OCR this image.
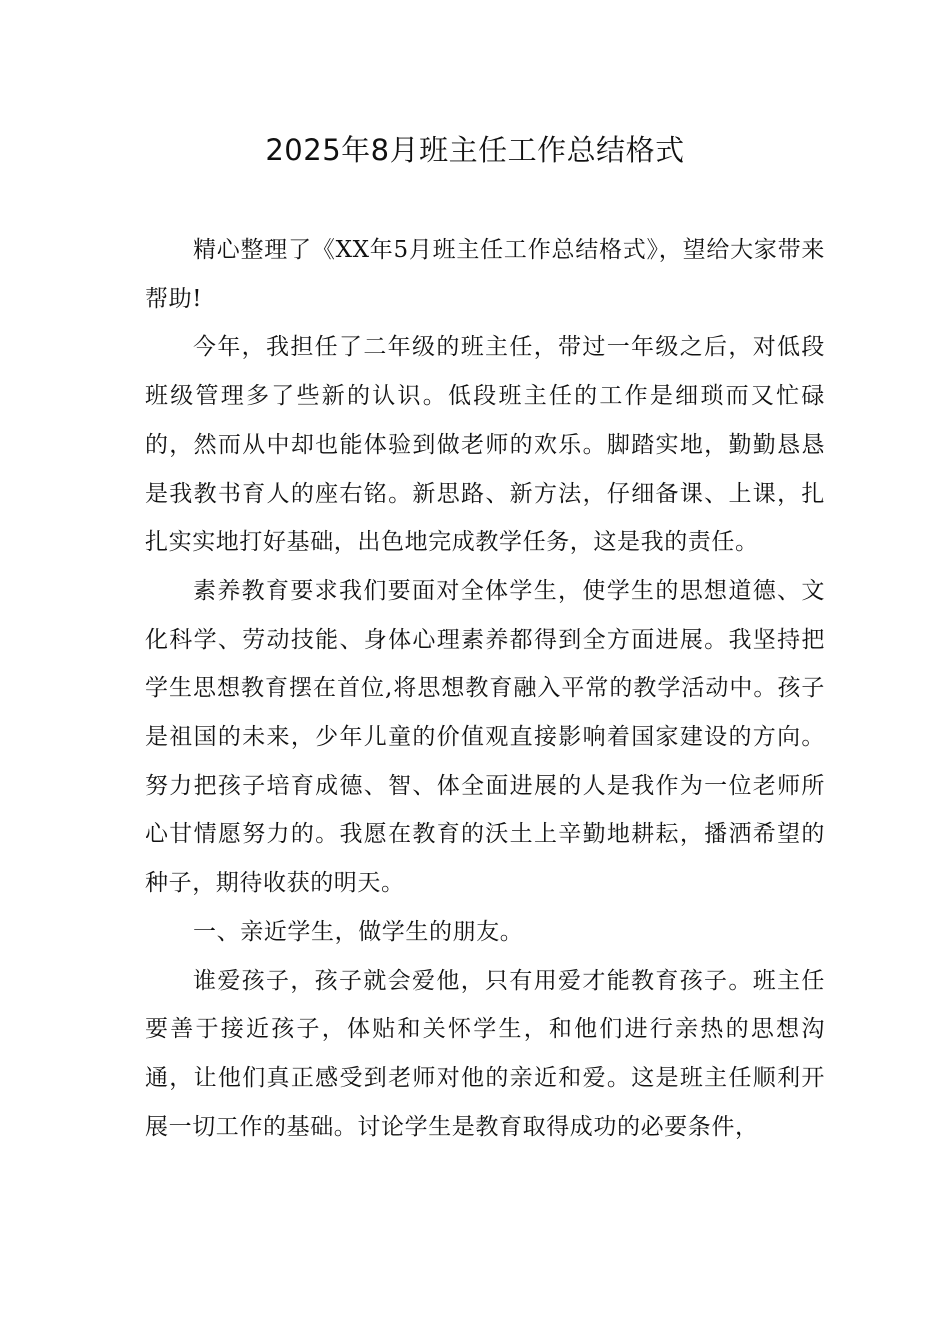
2025年8月班主任工作总结格式

精心整理了《XX年5月班主任工作总结格式》，望给大家带来帮助!

今年，我担任了二年级的班主任，带过一年级之后，对低段班级管理多了些新的认识。低段班主任的工作是细琐而又忙碌的，然而从中却也能体验到做老师的欢乐。脚踏实地，勤勤恳恳是我教书育人的座右铭。新思路、新方法，仔细备课、上课，扎扎实实地打好基础，出色地完成教学任务，这是我的责任。

素养教育要求我们要面对全体学生，使学生的思想道德、文化科学、劳动技能、身体心理素养都得到全方面进展。我坚持把学生思想教育摆在首位,将思想教育融入平常的教学活动中。孩子是祖国的未来，少年儿童的价值观直接影响着国家建设的方向。努力把孩子培育成德、智、体全面进展的人是我作为一位老师所心甘情愿努力的。我愿在教育的沃土上辛勤地耕耘，播洒希望的种子，期待收获的明天。

一、亲近学生，做学生的朋友。

谁爱孩子，孩子就会爱他，只有用爱才能教育孩子。班主任要善于接近孩子，体贴和关怀学生，和他们进行亲热的思想沟通，让他们真正感受到老师对他的亲近和爱。这是班主任顺利开展一切工作的基础。讨论学生是教育取得成功的必要条件，
